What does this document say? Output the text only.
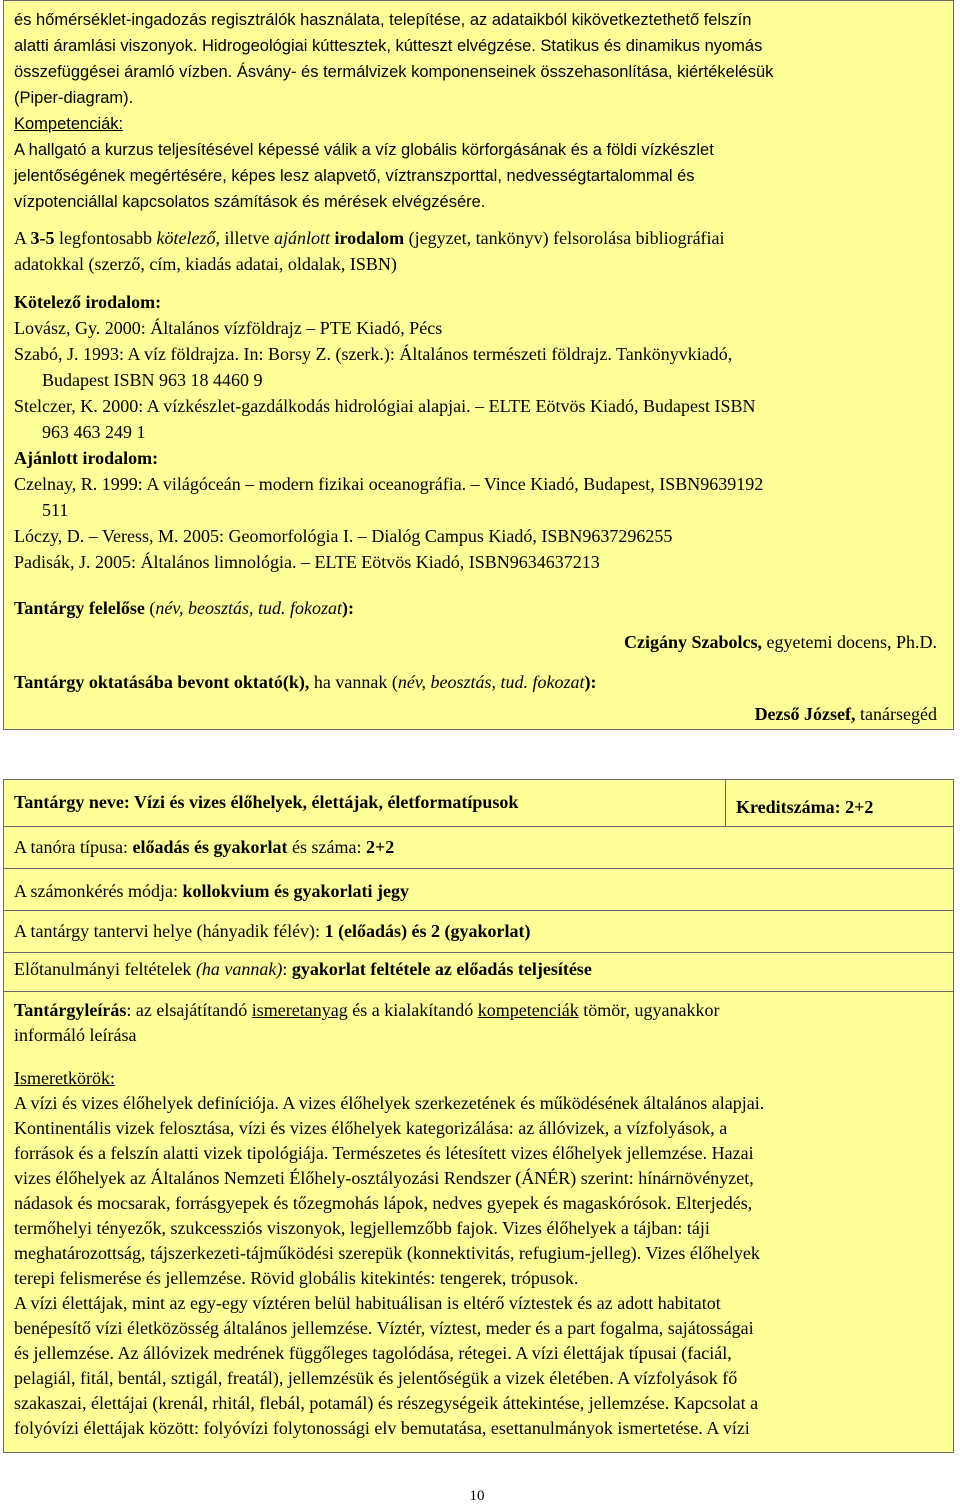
és hőmérséklet-ingadozás regisztrálók használata, telepítése, az adataikból kikövetkeztethető felszín

alatti áramlási viszonyok. Hidrogeológiai kúttesztek, kútteszt elvégzése. Statikus és dinamikus nyomás

összefüggései áramló vízben. Ásvány- és termálvizek komponenseinek összehasonlítása, kiértékelésük

(Piper-diagram).

Kompetenciák:

A hallgató a kurzus teljesítésével képessé válik a víz globális körforgásának és a földi vízkészlet

jelentőségének megértésére, képes lesz alapvető, víztranszporttal, nedvességtartalommal és

vízpotenciállal kapcsolatos számítások és mérések elvégzésére.

A 3-5 legfontosabb kötelező, illetve ajánlott irodalom (jegyzet, tankönyv) felsorolása bibliográfiai

adatokkal (szerző, cím, kiadás adatai, oldalak, ISBN)

Kötelező irodalom:

Lovász, Gy. 2000: Általános vízföldrajz – PTE Kiadó, Pécs

Szabó, J. 1993: A víz földrajza. In: Borsy Z. (szerk.): Általános természeti földrajz. Tankönyvkiadó,

Budapest ISBN 963 18 4460 9

Stelczer, K. 2000: A vízkészlet-gazdálkodás hidrológiai alapjai. – ELTE Eötvös Kiadó, Budapest ISBN

963 463 249 1

Ajánlott irodalom:

Czelnay, R. 1999: A világóceán – modern fizikai oceanográfia. – Vince Kiadó, Budapest, ISBN9639192

511

Lóczy, D. – Veress, M. 2005: Geomorfológia I. – Dialóg Campus Kiadó, ISBN9637296255

Padisák, J. 2005: Általános limnológia. – ELTE Eötvös Kiadó, ISBN9634637213

Tantárgy felelőse (név, beosztás, tud. fokozat):

Czigány Szabolcs, egyetemi docens, Ph.D.

Tantárgy oktatásába bevont oktató(k), ha vannak (név, beosztás, tud. fokozat):

Dezső József, tanársegéd

Tantárgy neve: Vízi és vizes élőhelyek, élettájak, életformatípusok	Kreditszáma: 2+2
A tanóra típusa: előadás és gyakorlat és száma: 2+2
A számonkérés módja: kollokvium és gyakorlati jegy
A tantárgy tantervi helye (hányadik félév): 1 (előadás) és 2 (gyakorlat)
Előtanulmányi feltételek (ha vannak): gyakorlat feltétele az előadás teljesítése

Tantárgyleírás: az elsajátítandó ismeretanyag és a kialakítandó kompetenciák tömör, ugyanakkor

informáló leírása

Ismeretkörök:

A vízi és vizes élőhelyek definíciója. A vizes élőhelyek szerkezetének és működésének általános alapjai.

Kontinentális vizek felosztása, vízi és vizes élőhelyek kategorizálása: az állóvizek, a vízfolyások, a

források és a felszín alatti vizek tipológiája. Természetes és létesített vizes élőhelyek jellemzése. Hazai

vizes élőhelyek az Általános Nemzeti Élőhely-osztályozási Rendszer (ÁNÉR) szerint: hínárnövényzet,

nádasok és mocsarak, forrásgyepek és tőzegmohás lápok, nedves gyepek és magaskórósok. Elterjedés,

termőhelyi tényezők, szukcessziós viszonyok, legjellemzőbb fajok. Vizes élőhelyek a tájban: táji

meghatározottság, tájszerkezeti-tájműködési szerepük (konnektivitás, refugium-jelleg). Vizes élőhelyek

terepi felismerése és jellemzése. Rövid globális kitekintés: tengerek, trópusok.

A vízi élettájak, mint az egy-egy víztéren belül habituálisan is eltérő víztestek és az adott habitatot

benépesítő vízi életközösség általános jellemzése. Víztér, víztest, meder és a part fogalma, sajátosságai

és jellemzése. Az állóvizek medrének függőleges tagolódása, rétegei. A vízi élettájak típusai (faciál,

pelagiál, fitál, bentál, sztigál, freatál), jellemzésük és jelentőségük a vizek életében. A vízfolyások fő

szakaszai, élettájai (krenál, rhitál, flebál, potamál) és részegységeik áttekintése, jellemzése. Kapcsolat a

folyóvízi élettájak között: folyóvízi folytonossági elv bemutatása, esettanulmányok ismertetése. A vízi

10
